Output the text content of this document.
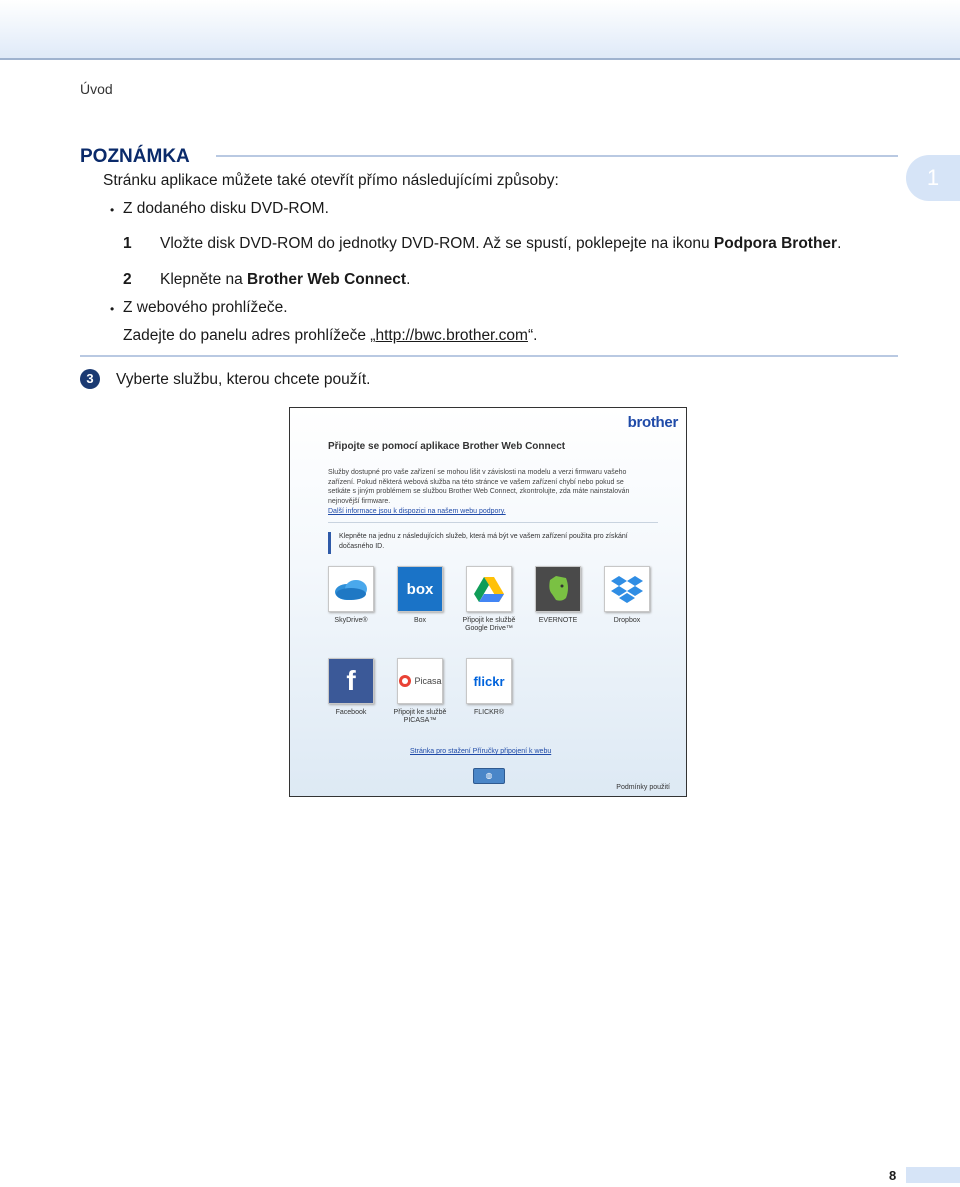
Úvod
1
POZNÁMKA
Stránku aplikace můžete také otevřít přímo následujícími způsoby:
• Z dodaného disku DVD-ROM.
1 Vložte disk DVD-ROM do jednotky DVD-ROM. Až se spustí, poklepejte na ikonu Podpora Brother.
2 Klepněte na Brother Web Connect.
• Z webového prohlížeče.
Zadejte do panelu adres prohlížeče „http://bwc.brother.com“.
3	Vyberte službu, kterou chcete použít.
brother
Připojte se pomocí aplikace Brother Web Connect
Služby dostupné pro vaše zařízení se mohou lišit v závislosti na modelu a verzi firmwaru vašeho zařízení. Pokud některá webová služba na této stránce ve vašem zařízení chybí nebo pokud se setkáte s jiným problémem se službou Brother Web Connect, zkontrolujte, zda máte nainstalován nejnovější firmware.
Další informace jsou k dispozici na našem webu podpory.
Klepněte na jednu z následujících služeb, která má být ve vašem zařízení použita pro získání dočasného ID.
SkyDrive®
box
Box	Připojit ke službě Google Drive™
EVERNOTE	Dropbox
f
Facebook
Picasa
Připojit ke službě PICASA™
flickr
FLICKR®
Stránka pro stažení Příručky připojení k webu
◍
Podmínky použití
8
